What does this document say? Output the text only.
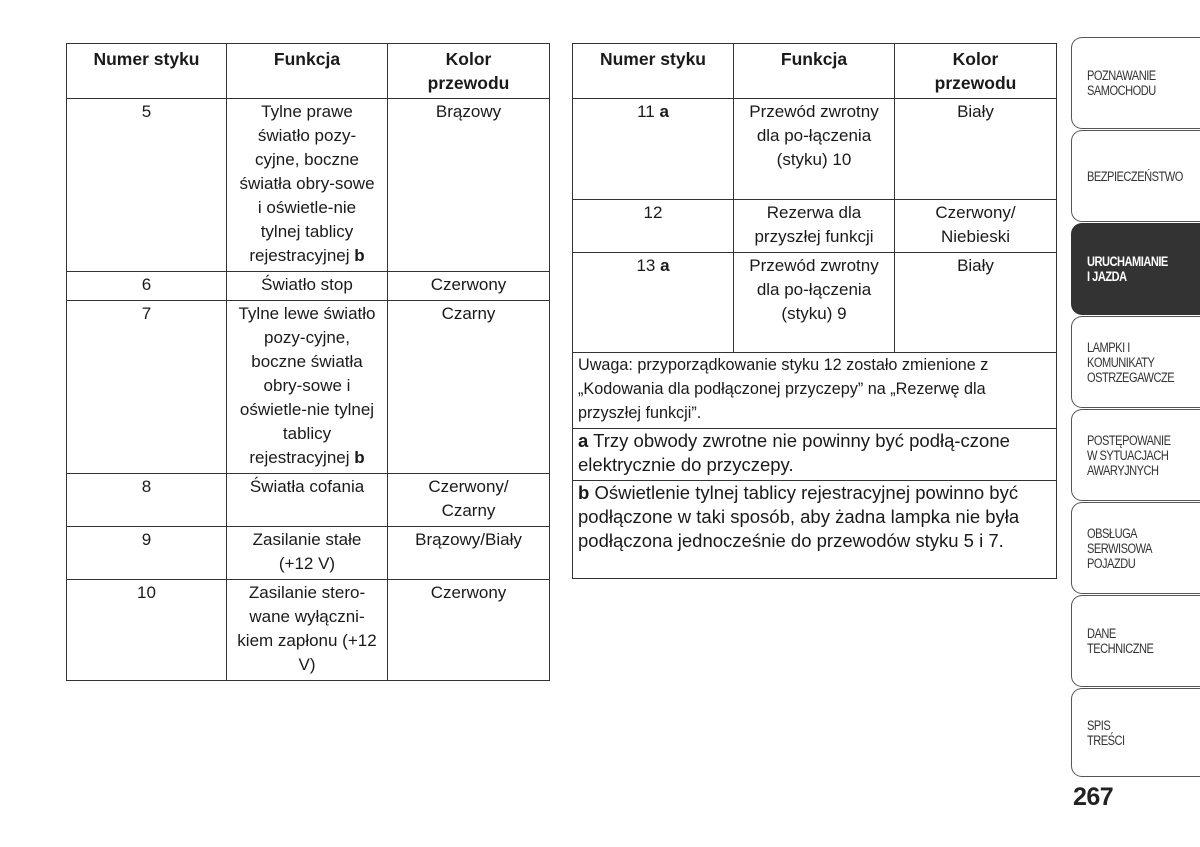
Numer styku	Funkcja	Kolor
przewodu
5	Tylne prawe światło pozy-cyjne, boczne światła obry-sowe i oświetle-nie tylnej tablicy rejestracyjnej b	Brązowy
6	Światło stop	Czerwony
7	Tylne lewe światło pozy-cyjne, boczne światła obry-sowe i oświetle-nie tylnej tablicy rejestracyjnej b	Czarny
8	Światła cofania	Czerwony/ Czarny
9	Zasilanie stałe (+12 V)	Brązowy/Biały
10	Zasilanie stero-wane wyłączni-kiem zapłonu (+12 V)	Czerwony
Numer styku	Funkcja	Kolor
przewodu
11 a	Przewód zwrotny dla po-łączenia (styku) 10	Biały
12	Rezerwa dla przyszłej funkcji	Czerwony/ Niebieski
13 a	Przewód zwrotny dla po-łączenia (styku) 9	Biały
Uwaga: przyporządkowanie styku 12 zostało zmienione z „Kodowania dla podłączonej przyczepy” na „Rezerwę dla przyszłej funkcji”.		
a Trzy obwody zwrotne nie powinny być podłą-czone elektrycznie do przyczepy.		
b Oświetlenie tylnej tablicy rejestracyjnej powinno być podłączone w taki sposób, aby żadna lampka nie była podłączona jednocześnie do przewodów styku 5 i 7.		
POZNAWANIE
SAMOCHODU
BEZPIECZEŃSTWO
URUCHAMIANIE
I JAZDA
LAMPKI I
KOMUNIKATY
OSTRZEGAWCZE
POSTĘPOWANIE
W SYTUACJACH
AWARYJNYCH
OBSŁUGA
SERWISOWA
POJAZDU
DANE
TECHNICZNE
SPIS
TREŚCI
267
